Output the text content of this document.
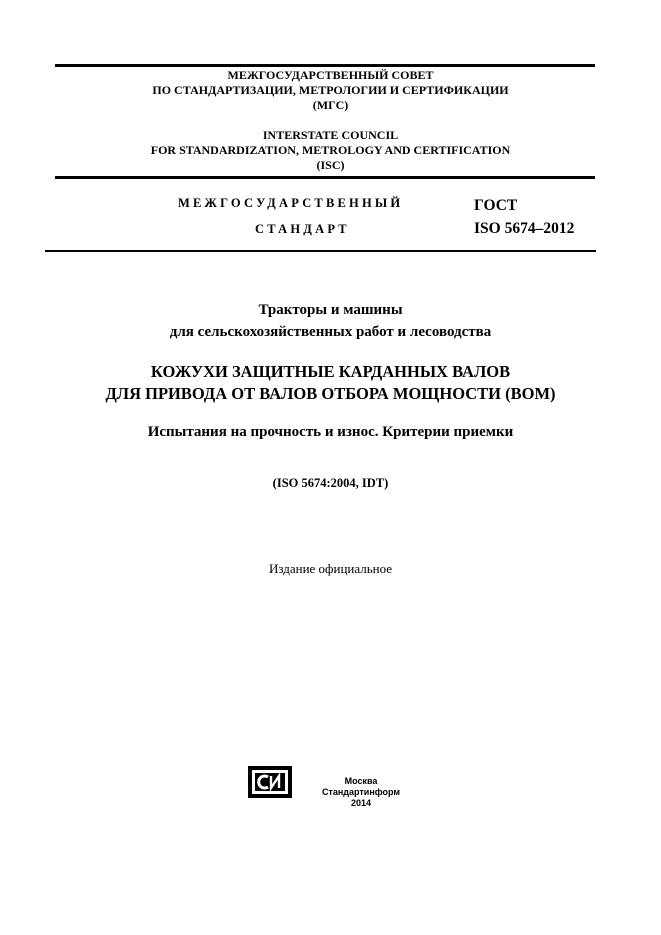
МЕЖГОСУДАРСТВЕННЫЙ СОВЕТ
ПО СТАНДАРТИЗАЦИИ, МЕТРОЛОГИИ И СЕРТИФИКАЦИИ
(МГС)
INTERSTATE COUNCIL
FOR STANDARDIZATION, METROLOGY AND CERTIFICATION
(ISC)
МЕЖГОСУДАРСТВЕННЫЙ
СТАНДАРТ
ГОСТ
ISO 5674–2012
Тракторы и машины
для сельскохозяйственных работ и лесоводства
КОЖУХИ ЗАЩИТНЫЕ КАРДАННЫХ ВАЛОВ
ДЛЯ ПРИВОДА ОТ ВАЛОВ ОТБОРА МОЩНОСТИ (ВОМ)
Испытания на прочность и износ. Критерии приемки
(ISO 5674:2004, IDT)
Издание официальное
Москва
Стандартинформ
2014
